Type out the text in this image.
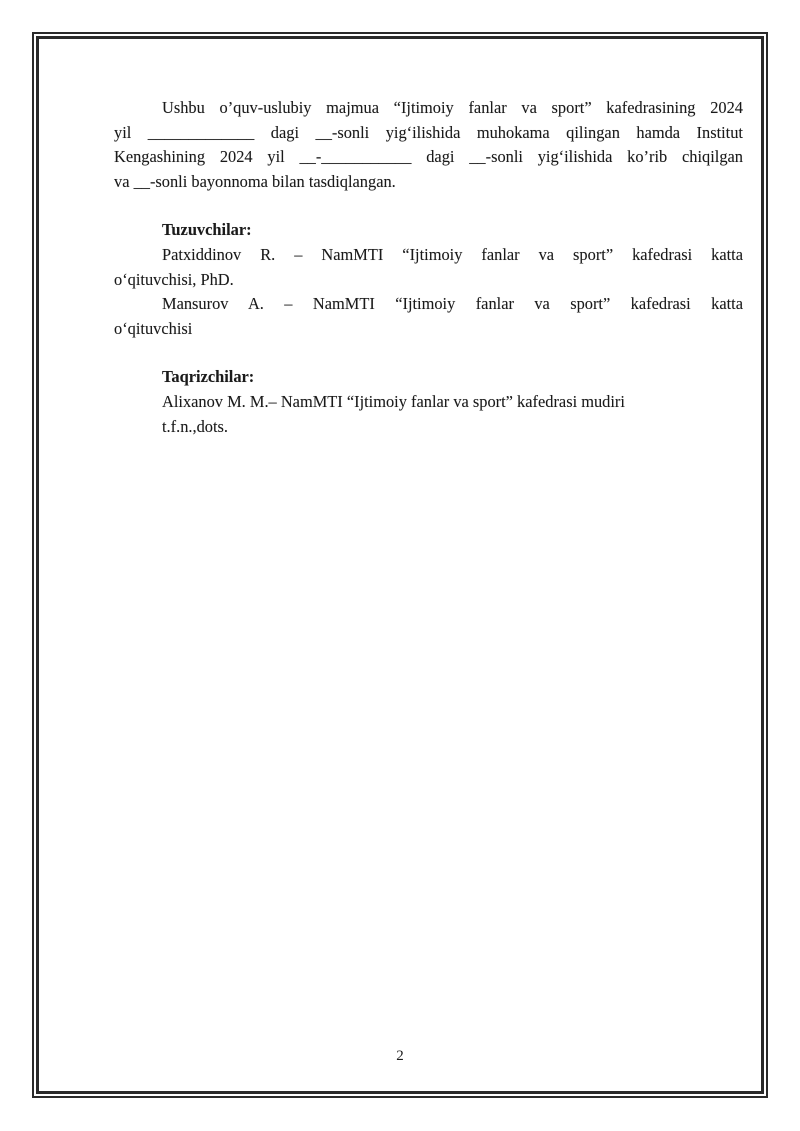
Ushbu o’quv-uslubiy majmua “Ijtimoiy fanlar va sport” kafedrasining 2024
yil _____________ dagi __-sonli yig‘ilishida muhokama qilingan hamda Institut
Kengashining 2024 yil __-___________ dagi __-sonli yig‘ilishida ko’rib chiqilgan
va __-sonli bayonnoma bilan tasdiqlangan.

Tuzuvchilar:

Patxiddinov R. – NamMTI “Ijtimoiy fanlar va sport” kafedrasi katta
o‘qituvchisi, PhD.
Mansurov A. – NamMTI “Ijtimoiy fanlar va sport” kafedrasi katta
o‘qituvchisi

Taqrizchilar:

Alixanov M. M.– NamMTI “Ijtimoiy fanlar va sport” kafedrasi mudiri
t.f.n.,dots.
2
